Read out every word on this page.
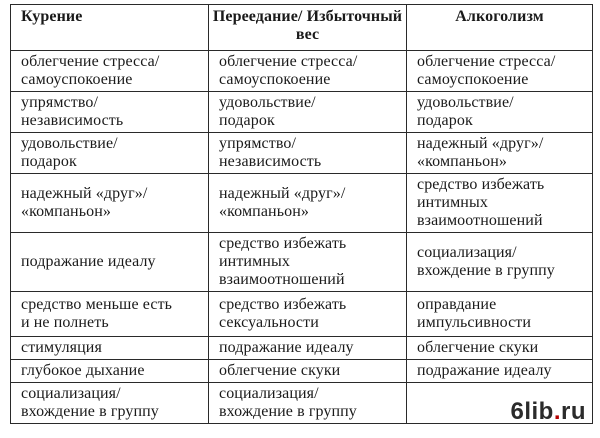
Курение	Переедание/ Избыточный вес	Алкоголизм

облегчение стресса/
самоуспокоение	облегчение стресса/
самоуспокоение	облегчение стресса/
самоуспокоение

упрямство/
независимость	удовольствие/
подарок	удовольствие/
подарок

удовольствие/
подарок	упрямство/
независимость	надежный «друг»/
«компаньон»

надежный «друг»/
«компаньон»	надежный «друг»/
«компаньон»	средство избежать
интимных
взаимоотношений

подражание идеалу	средство избежать
интимных
взаимоотношений	социализация/
вхождение в группу

средство меньше есть
и не полнеть	средство избежать
сексуальности	оправдание
импульсивности

стимуляция	подражание идеалу	облегчение скуки

глубокое дыхание	облегчение скуки	подражание идеалу

социализация/
вхождение в группу	социализация/
вхождение в группу	
		6lib.ru
